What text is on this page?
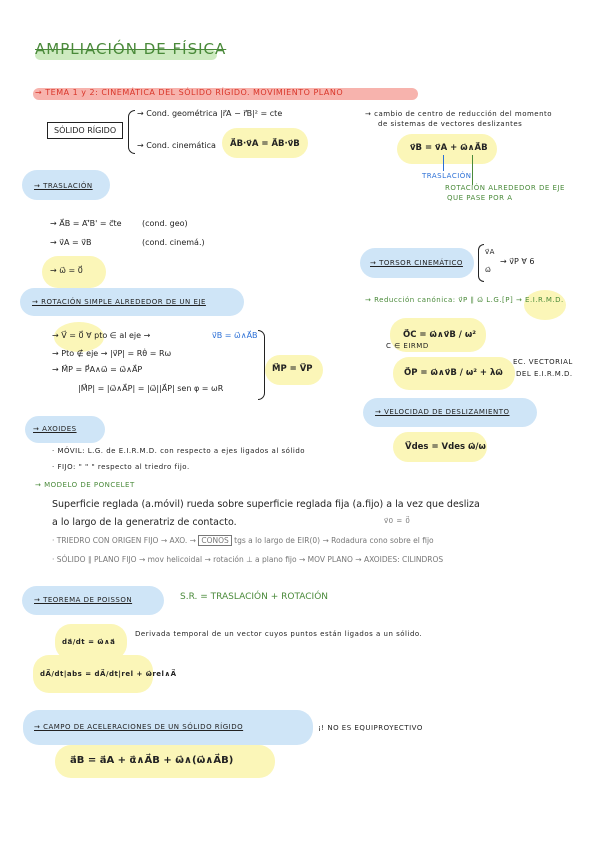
AMPLIACIÓN DE FÍSICA
→ TEMA 1 y 2: CINEMÁTICA DEL SÓLIDO RÍGIDO. MOVIMIENTO PLANO
SÓLIDO RÍGIDO
→ Cond. geométrica |r⃗A − r⃗B|² = cte
→ Cond. cinemática A⃗B·v⃗A = A⃗B·v⃗B
→ cambio de centro de reducción del momento
de sistemas de vectores deslizantes
v⃗B = v⃗A + ω⃗∧A⃗B
TRASLACIÓN
ROTACIÓN ALREDEDOR DE EJE
QUE PASE POR A
→ TRASLACIÓN
→ A⃗B = A'⃗B' = c⃗te	(cond. geo)
→ v⃗A = v⃗B	(cond. cinemá.)
→ ω⃗ = 0⃗
→ ROTACIÓN SIMPLE ALREDEDOR DE UN EJE
→ V⃗ = 0⃗ ∀ pto ∈ al eje →	v⃗B = ω⃗∧A⃗B
→ Pto ∉ eje → |v⃗P| = Rθ̇ = Rω
→ M⃗P = P⃗A∧ω⃗ = ω⃗∧A⃗P
|M⃗P| = |ω⃗∧A⃗P| = |ω⃗||A⃗P| sen φ = ωR
M⃗P = V⃗P
→ TORSOR CINEMÁTICO
v⃗A
ω⃗
→ v⃗P ∀ 6
→ Reducción canónica: v⃗P ∥ ω⃗ L.G.[P] → E.I.R.M.D.
O⃗C = ω⃗∧v⃗B / ω²
C ∈ EIRMD
O⃗P = ω⃗∧v⃗B / ω² + λω⃗
EC. VECTORIAL
DEL E.I.R.M.D.
→ VELOCIDAD DE DESLIZAMIENTO
V⃗des = Vdes ω⃗/ω
→ AXOIDES
· MÓVIL: L.G. de E.I.R.M.D. con respecto a ejes ligados al sólido
· FIJO: " " " respecto al triedro fijo.
→ MODELO DE PONCELET
Superficie reglada (a.móvil) rueda sobre superficie reglada fija (a.fijo) a la vez que desliza
a lo largo de la generatriz de contacto.	v⃗0 = 0⃗
· TRIEDRO CON ORIGEN FIJO → AXO. → CONOS tgs a lo largo de EIR(0) → Rodadura cono sobre el fijo
· SÓLIDO ∥ PLANO FIJO → mov helicoidal → rotación ⊥ a plano fijo → MOV PLANO → AXOIDES: CILINDROS
→ TEOREMA DE POISSON	S.R. = TRASLACIÓN + ROTACIÓN
da⃗/dt = ω⃗∧a⃗
Derivada temporal de un vector cuyos puntos están ligados a un sólido.
dA⃗/dt|abs = dA⃗/dt|rel + ω⃗rel∧A⃗
→ CAMPO DE ACELERACIONES DE UN SÓLIDO RÍGIDO	¡! NO ES EQUIPROYECTIVO
a⃗B = a⃗A + α⃗∧A⃗B + ω⃗∧(ω⃗∧A⃗B)
